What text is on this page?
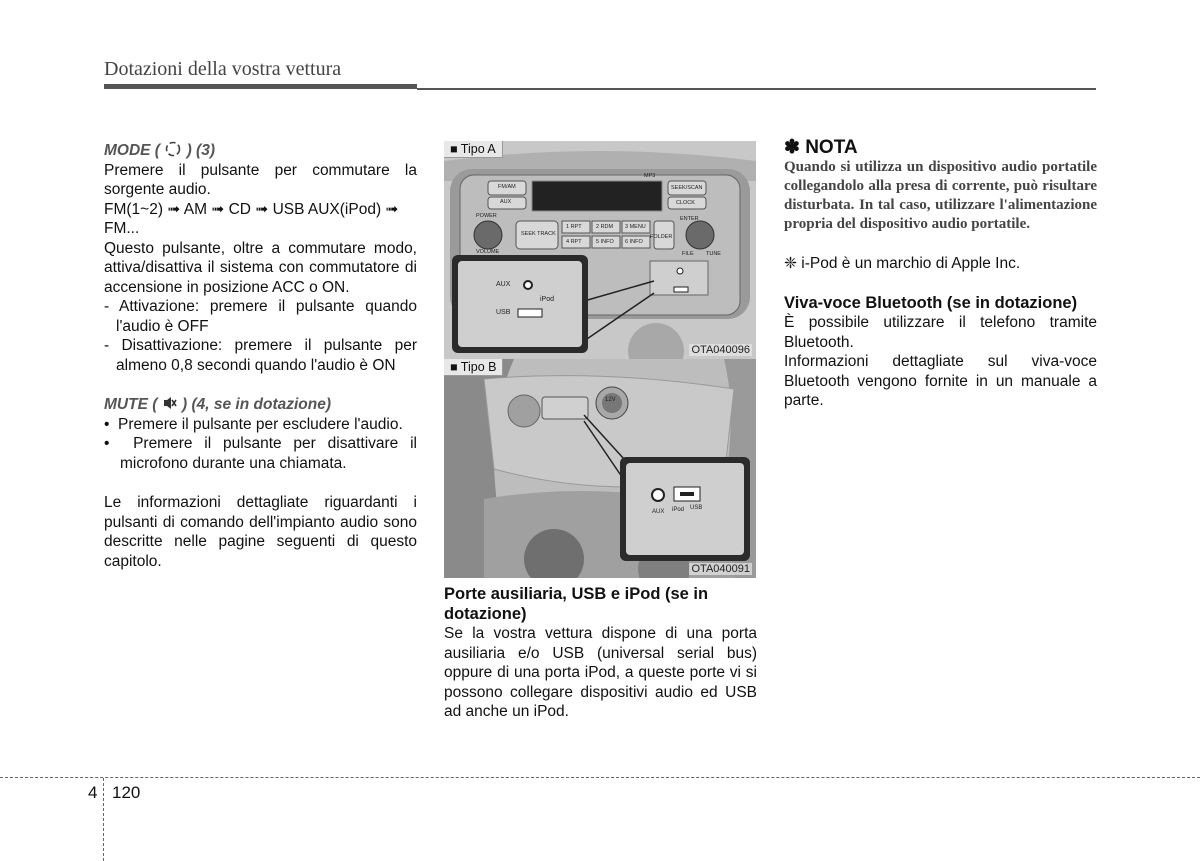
Dotazioni della vostra vettura

MODE ( ) (3)

Premere il pulsante per commutare la sorgente audio.

FM(1~2) ➟ AM ➟ CD ➟ USB AUX(iPod) ➟ FM...

Questo pulsante, oltre a commutare modo, attiva/disattiva il sistema con commutatore di accensione in posizione ACC o ON.

- Attivazione: premere il pulsante quando l'audio è OFF

- Disattivazione: premere il pulsante per almeno 0,8 secondi quando l'audio è ON

MUTE ( ) (4, se in dotazione)

•  Premere il pulsante per escludere l'audio.

•  Premere il pulsante per disattivare il microfono durante una chiamata.

Le informazioni dettagliate riguardanti i pulsanti di comando dell'impianto audio sono descritte nelle pagine seguenti di questo capitolo.

FM/AM
AUX
MP3
SEEK/SCAN
CLOCK
POWER
VOLUME
SEEK TRACK
1 RPT	2 RDM 3 MENU
4 RPT	5 INFO 6 INFO
FOLDER
ENTER
TUNE
FILE
AUX
iPod
USB
■ Tipo A
OTA040096
12V
AUX iPod USB
■ Tipo B
OTA040091

Porte ausiliaria, USB e iPod (se in dotazione)

Se la vostra vettura dispone di una porta ausiliaria e/o USB (universal serial bus) oppure di una porta iPod, a queste porte vi si possono collegare dispositivi audio ed USB ad anche un iPod.

✽ NOTA

Quando si utilizza un dispositivo audio portatile collegandolo alla presa di corrente, può risultare disturbata. In tal caso, utilizzare l'alimentazione propria del dispositivo audio portatile.

❈ i-Pod è un marchio di Apple Inc.

Viva-voce Bluetooth (se in dotazione)

È possibile utilizzare il telefono tramite Bluetooth.

Informazioni dettagliate sul viva-voce Bluetooth vengono fornite in un manuale a parte.

4 120
